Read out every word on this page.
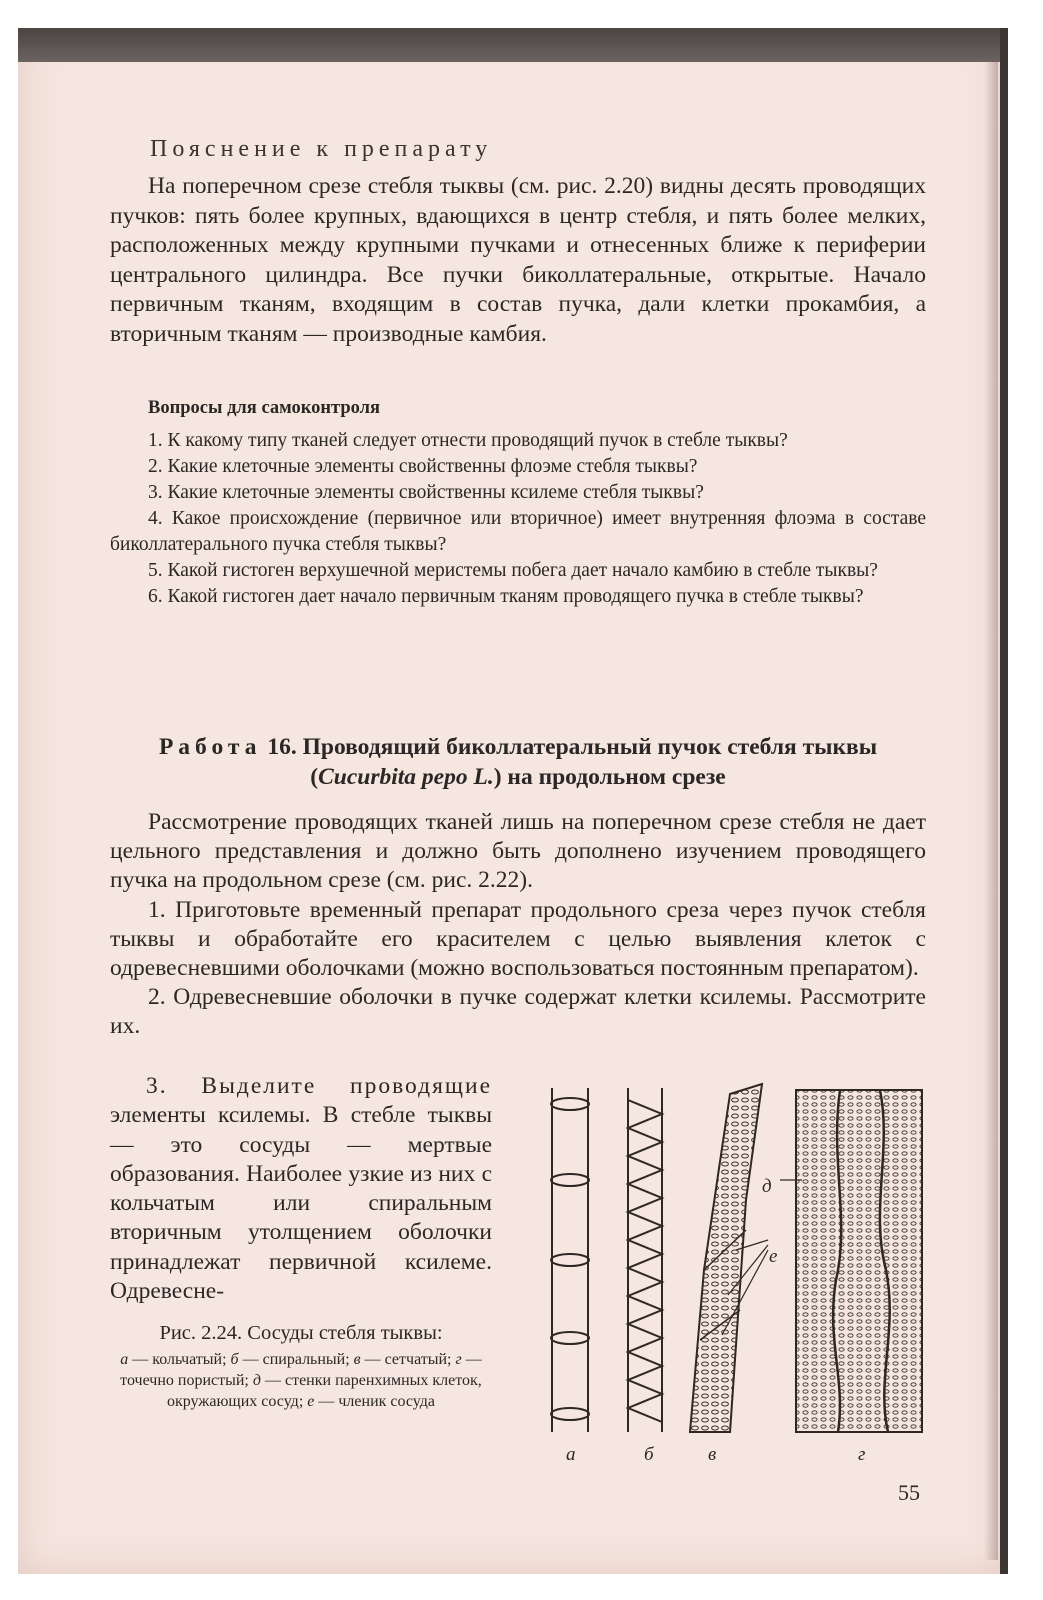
Пояснение к препарату

На поперечном срезе стебля тыквы (см. рис. 2.20) видны десять проводящих пучков: пять более крупных, вдающихся в центр стебля, и пять более мелких, расположенных между крупными пучками и отнесенных ближе к периферии центрального цилиндра. Все пучки биколлатеральные, открытые. Начало первичным тканям, входящим в состав пучка, дали клетки прокамбия, а вторичным тканям — производные камбия.

Вопросы для самоконтроля

1. К какому типу тканей следует отнести проводящий пучок в стебле тыквы?

2. Какие клеточные элементы свойственны флоэме стебля тыквы?

3. Какие клеточные элементы свойственны ксилеме стебля тыквы?

4. Какое происхождение (первичное или вторичное) имеет внутренняя флоэма в составе биколлатерального пучка стебля тыквы?

5. Какой гистоген верхушечной меристемы побега дает начало камбию в стебле тыквы?

6. Какой гистоген дает начало первичным тканям проводящего пучка в стебле тыквы?

Работа 16. Проводящий биколлатеральный пучок стебля тыквы
(Cucurbita pepo L.) на продольном срезе

Рассмотрение проводящих тканей лишь на поперечном срезе стебля не дает цельного представления и должно быть дополнено изучением проводящего пучка на продольном срезе (см. рис. 2.22).

1. Приготовьте временный препарат продольного среза через пучок стебля тыквы и обработайте его красителем с целью выявления клеток с одревесневшими оболочками (можно воспользоваться постоянным препаратом).

2. Одревесневшие оболочки в пучке содержат клетки ксилемы. Рассмотрите их.

3. Выделите проводящие элементы ксилемы. В стебле тыквы — это сосуды — мертвые образования. Наиболее узкие из них с кольчатым или спиральным вторичным утолщением оболочки принадлежат первичной ксилеме. Одревесне-

Рис. 2.24. Сосуды стебля тыквы:
а — кольчатый; б — спиральный; в — сетчатый; г — точечно пористый; д — стенки паренхимных клеток, окружающих сосуд; е — членик сосуда
д
е
а	б	в	г
55
